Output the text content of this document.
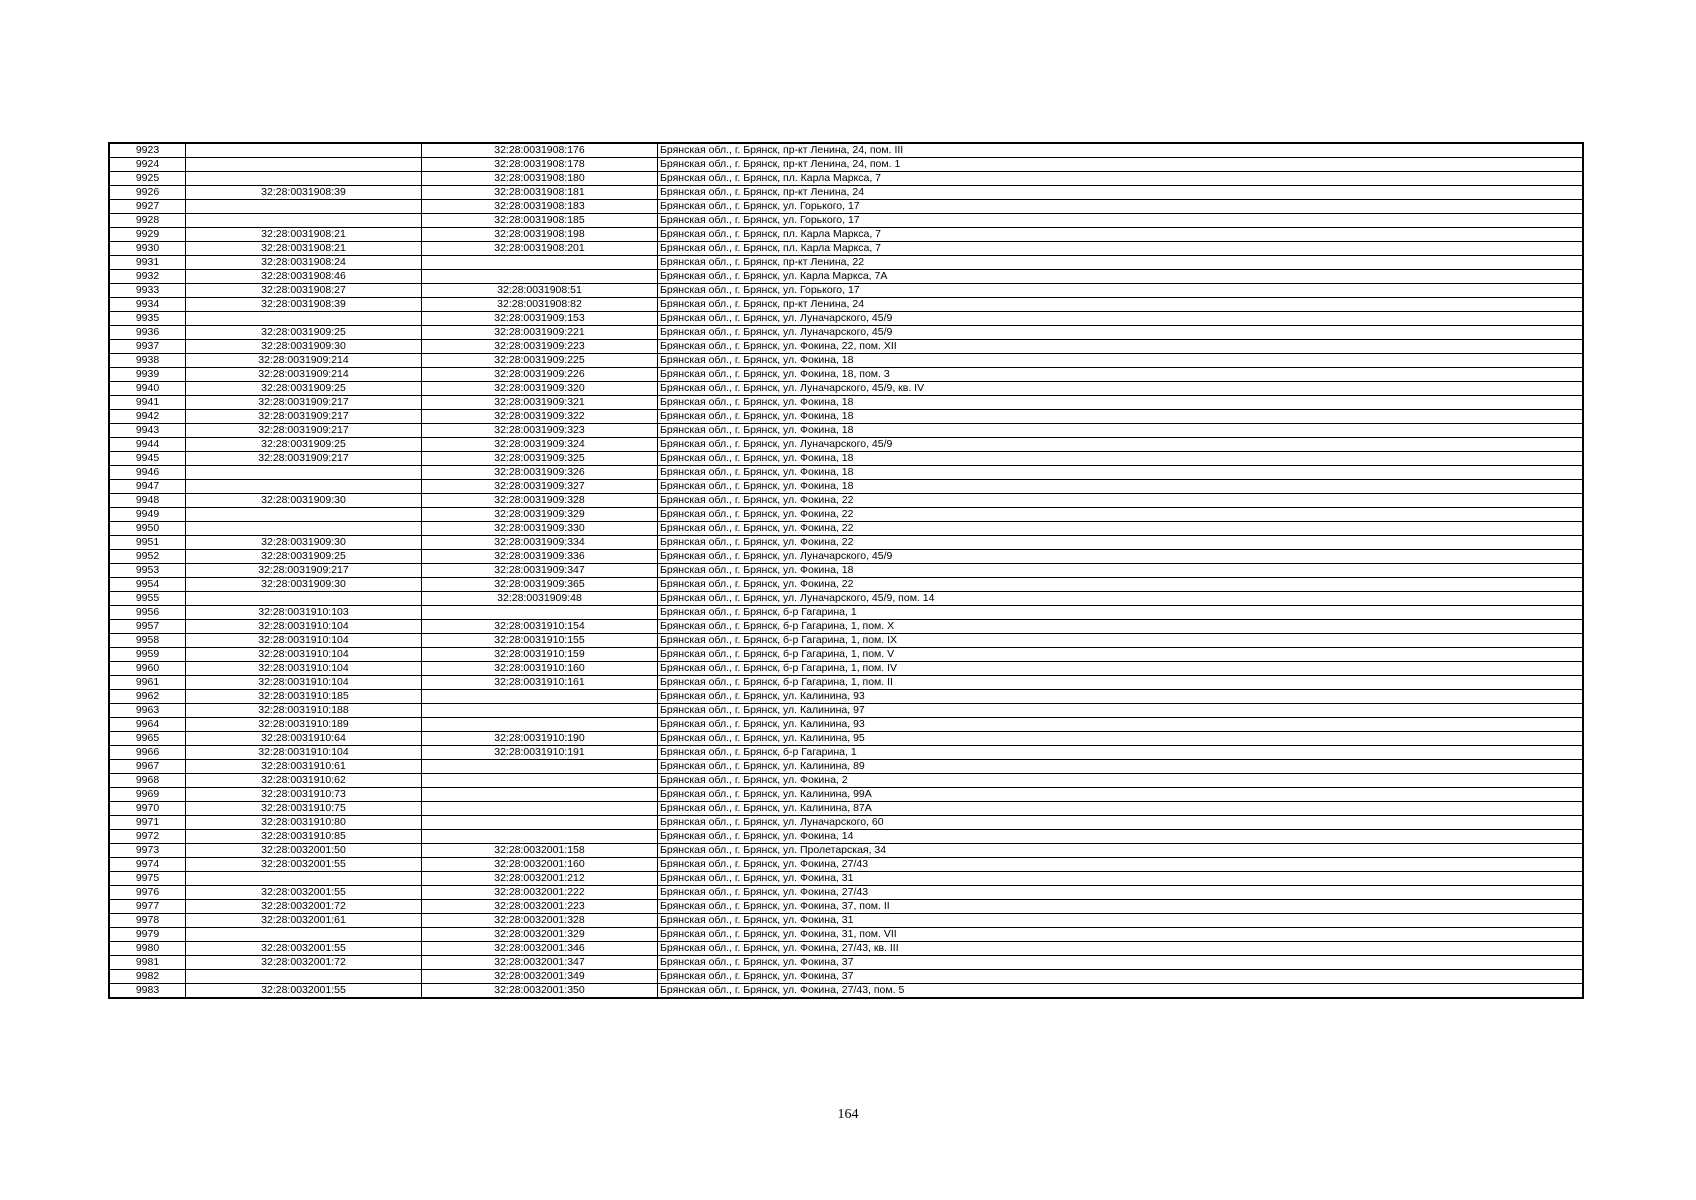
9923		32:28:0031908:176	Брянская обл., г. Брянск, пр-кт Ленина, 24, пом. III
9924		32:28:0031908:178	Брянская обл., г. Брянск, пр-кт Ленина, 24, пом. 1
9925		32:28:0031908:180	Брянская обл., г. Брянск, пл. Карла Маркса, 7
9926	32:28:0031908:39	32:28:0031908:181	Брянская обл., г. Брянск, пр-кт Ленина, 24
9927		32:28:0031908:183	Брянская обл., г. Брянск, ул. Горького, 17
9928		32:28:0031908:185	Брянская обл., г. Брянск, ул. Горького, 17
9929	32:28:0031908:21	32:28:0031908:198	Брянская обл., г. Брянск, пл. Карла Маркса, 7
9930	32:28:0031908:21	32:28:0031908:201	Брянская обл., г. Брянск, пл. Карла Маркса, 7
9931	32:28:0031908:24		Брянская обл., г. Брянск, пр-кт Ленина, 22
9932	32:28:0031908:46		Брянская обл., г. Брянск, ул. Карла Маркса, 7А
9933	32:28:0031908:27	32:28:0031908:51	Брянская обл., г. Брянск, ул. Горького, 17
9934	32:28:0031908:39	32:28:0031908:82	Брянская обл., г. Брянск, пр-кт Ленина, 24
9935		32:28:0031909:153	Брянская обл., г. Брянск, ул. Луначарского, 45/9
9936	32:28:0031909:25	32:28:0031909:221	Брянская обл., г. Брянск, ул. Луначарского, 45/9
9937	32:28:0031909:30	32:28:0031909:223	Брянская обл., г. Брянск, ул. Фокина, 22, пом. XII
9938	32:28:0031909:214	32:28:0031909:225	Брянская обл., г. Брянск, ул. Фокина, 18
9939	32:28:0031909:214	32:28:0031909:226	Брянская обл., г. Брянск, ул. Фокина, 18, пом. 3
9940	32:28:0031909:25	32:28:0031909:320	Брянская обл., г. Брянск, ул. Луначарского, 45/9, кв. IV
9941	32:28:0031909:217	32:28:0031909:321	Брянская обл., г. Брянск, ул. Фокина, 18
9942	32:28:0031909:217	32:28:0031909:322	Брянская обл., г. Брянск, ул. Фокина, 18
9943	32:28:0031909:217	32:28:0031909:323	Брянская обл., г. Брянск, ул. Фокина, 18
9944	32:28:0031909:25	32:28:0031909:324	Брянская обл., г. Брянск, ул. Луначарского, 45/9
9945	32:28:0031909:217	32:28:0031909:325	Брянская обл., г. Брянск, ул. Фокина, 18
9946		32:28:0031909:326	Брянская обл., г. Брянск, ул. Фокина, 18
9947		32:28:0031909:327	Брянская обл., г. Брянск, ул. Фокина, 18
9948	32:28:0031909:30	32:28:0031909:328	Брянская обл., г. Брянск, ул. Фокина, 22
9949		32:28:0031909:329	Брянская обл., г. Брянск, ул. Фокина, 22
9950		32:28:0031909:330	Брянская обл., г. Брянск, ул. Фокина, 22
9951	32:28:0031909:30	32:28:0031909:334	Брянская обл., г. Брянск, ул. Фокина, 22
9952	32:28:0031909:25	32:28:0031909:336	Брянская обл., г. Брянск, ул. Луначарского, 45/9
9953	32:28:0031909:217	32:28:0031909:347	Брянская обл., г. Брянск, ул. Фокина, 18
9954	32:28:0031909:30	32:28:0031909:365	Брянская обл., г. Брянск, ул. Фокина, 22
9955		32:28:0031909:48	Брянская обл., г. Брянск, ул. Луначарского, 45/9, пом. 14
9956	32:28:0031910:103		Брянская обл., г. Брянск, б-р Гагарина, 1
9957	32:28:0031910:104	32:28:0031910:154	Брянская обл., г. Брянск, б-р Гагарина, 1, пом. X
9958	32:28:0031910:104	32:28:0031910:155	Брянская обл., г. Брянск, б-р Гагарина, 1, пом. IX
9959	32:28:0031910:104	32:28:0031910:159	Брянская обл., г. Брянск, б-р Гагарина, 1, пом. V
9960	32:28:0031910:104	32:28:0031910:160	Брянская обл., г. Брянск, б-р Гагарина, 1, пом. IV
9961	32:28:0031910:104	32:28:0031910:161	Брянская обл., г. Брянск, б-р Гагарина, 1, пом. II
9962	32:28:0031910:185		Брянская обл., г. Брянск, ул. Калинина, 93
9963	32:28:0031910:188		Брянская обл., г. Брянск, ул. Калинина, 97
9964	32:28:0031910:189		Брянская обл., г. Брянск, ул. Калинина, 93
9965	32:28:0031910:64	32:28:0031910:190	Брянская обл., г. Брянск, ул. Калинина, 95
9966	32:28:0031910:104	32:28:0031910:191	Брянская обл., г. Брянск, б-р Гагарина, 1
9967	32:28:0031910:61		Брянская обл., г. Брянск, ул. Калинина, 89
9968	32:28:0031910:62		Брянская обл., г. Брянск, ул. Фокина, 2
9969	32:28:0031910:73		Брянская обл., г. Брянск, ул. Калинина, 99А
9970	32:28:0031910:75		Брянская обл., г. Брянск, ул. Калинина, 87А
9971	32:28:0031910:80		Брянская обл., г. Брянск, ул. Луначарского, 60
9972	32:28:0031910:85		Брянская обл., г. Брянск, ул. Фокина, 14
9973	32:28:0032001:50	32:28:0032001:158	Брянская обл., г. Брянск, ул. Пролетарская, 34
9974	32:28:0032001:55	32:28:0032001:160	Брянская обл., г. Брянск, ул. Фокина, 27/43
9975		32:28:0032001:212	Брянская обл., г. Брянск, ул. Фокина, 31
9976	32:28:0032001:55	32:28:0032001:222	Брянская обл., г. Брянск, ул. Фокина, 27/43
9977	32:28:0032001:72	32:28:0032001:223	Брянская обл., г. Брянск, ул. Фокина, 37, пом. II
9978	32:28:0032001:61	32:28:0032001:328	Брянская обл., г. Брянск, ул. Фокина, 31
9979		32:28:0032001:329	Брянская обл., г. Брянск, ул. Фокина, 31, пом. VII
9980	32:28:0032001:55	32:28:0032001:346	Брянская обл., г. Брянск, ул. Фокина, 27/43, кв. III
9981	32:28:0032001:72	32:28:0032001:347	Брянская обл., г. Брянск, ул. Фокина, 37
9982		32:28:0032001:349	Брянская обл., г. Брянск, ул. Фокина, 37
9983	32:28:0032001:55	32:28:0032001:350	Брянская обл., г. Брянск, ул. Фокина, 27/43, пом. 5
164
